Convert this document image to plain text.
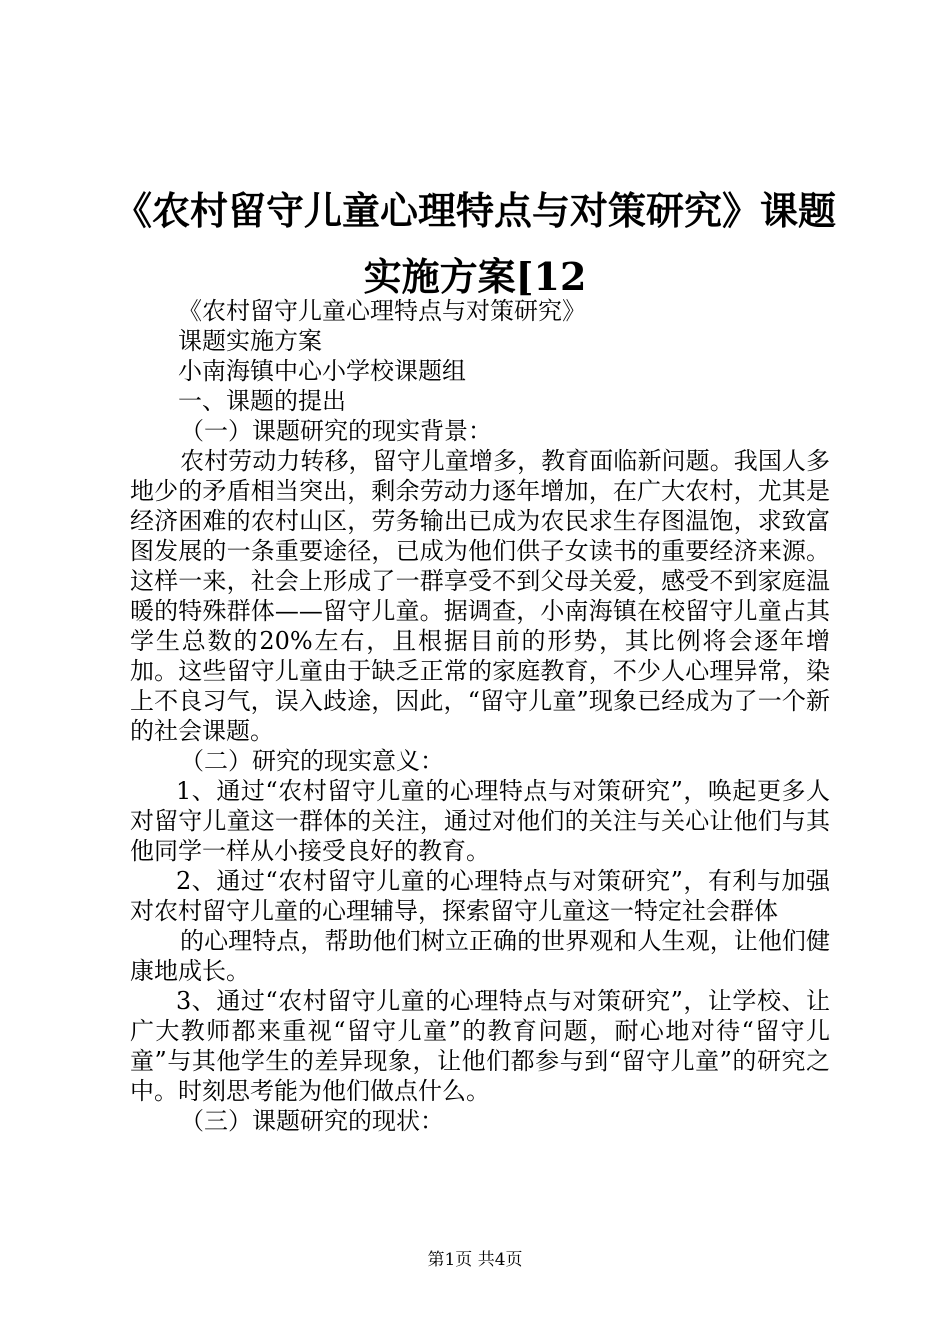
《农村留守儿童心理特点与对策研究》课题实施方案[12

《农村留守儿童心理特点与对策研究》

课题实施方案

小南海镇中心小学校课题组

一、课题的提出

（一）课题研究的现实背景：

农村劳动力转移，留守儿童增多，教育面临新问题。我国人多地少的矛盾相当突出，剩余劳动力逐年增加，在广大农村，尤其是经济困难的农村山区，劳务输出已成为农民求生存图温饱，求致富图发展的一条重要途径，已成为他们供子女读书的重要经济来源。这样一来，社会上形成了一群享受不到父母关爱，感受不到家庭温暖的特殊群体——留守儿童。据调查，小南海镇在校留守儿童占其学生总数的20%左右，且根据目前的形势，其比例将会逐年增加。这些留守儿童由于缺乏正常的家庭教育，不少人心理异常，染上不良习气，误入歧途，因此，“留守儿童”现象已经成为了一个新的社会课题。

（二）研究的现实意义：

1、通过“农村留守儿童的心理特点与对策研究”，唤起更多人对留守儿童这一群体的关注，通过对他们的关注与关心让他们与其他同学一样从小接受良好的教育。

2、通过“农村留守儿童的心理特点与对策研究”，有利与加强对农村留守儿童的心理辅导，探索留守儿童这一特定社会群体

的心理特点，帮助他们树立正确的世界观和人生观，让他们健康地成长。

3、通过“农村留守儿童的心理特点与对策研究”，让学校、让广大教师都来重视“留守儿童”的教育问题，耐心地对待“留守儿童”与其他学生的差异现象，让他们都参与到“留守儿童”的研究之中。时刻思考能为他们做点什么。

（三）课题研究的现状：

第1页 共4页
